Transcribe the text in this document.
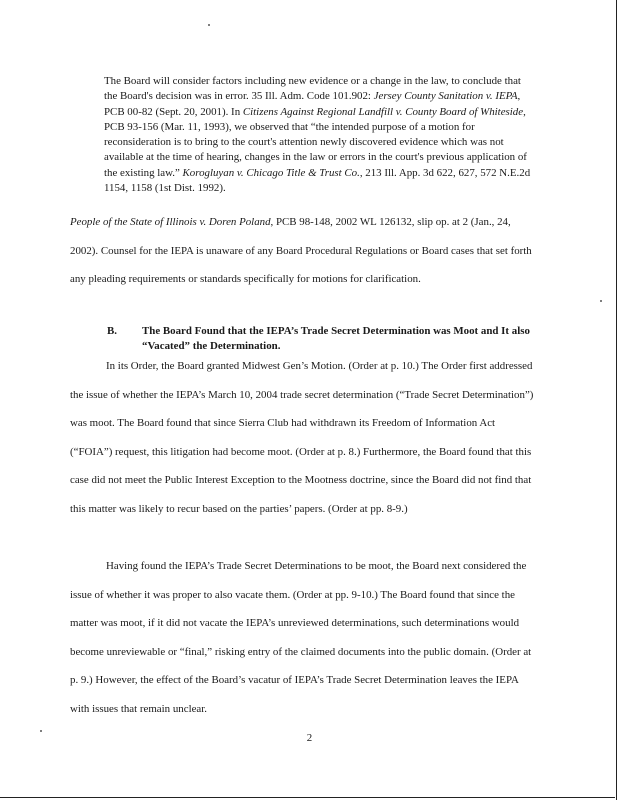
The Board will consider factors including new evidence or a change in the law, to conclude that the Board's decision was in error. 35 Ill. Adm. Code 101.902: Jersey County Sanitation v. IEPA, PCB 00-82 (Sept. 20, 2001). In Citizens Against Regional Landfill v. County Board of Whiteside, PCB 93-156 (Mar. 11, 1993), we observed that “the intended purpose of a motion for reconsideration is to bring to the court's attention newly discovered evidence which was not available at the time of hearing, changes in the law or errors in the court's previous application of the existing law.” Korogluyan v. Chicago Title & Trust Co., 213 Ill. App. 3d 622, 627, 572 N.E.2d 1154, 1158 (1st Dist. 1992).

People of the State of Illinois v. Doren Poland, PCB 98-148, 2002 WL 126132, slip op. at 2 (Jan., 24, 2002). Counsel for the IEPA is unaware of any Board Procedural Regulations or Board cases that set forth any pleading requirements or standards specifically for motions for clarification.

B. The Board Found that the IEPA’s Trade Secret Determination was Moot and It also “Vacated” the Determination.

In its Order, the Board granted Midwest Gen’s Motion. (Order at p. 10.) The Order first addressed the issue of whether the IEPA’s March 10, 2004 trade secret determination (“Trade Secret Determination”) was moot. The Board found that since Sierra Club had withdrawn its Freedom of Information Act (“FOIA”) request, this litigation had become moot. (Order at p. 8.) Furthermore, the Board found that this case did not meet the Public Interest Exception to the Mootness doctrine, since the Board did not find that this matter was likely to recur based on the parties’ papers. (Order at pp. 8-9.)

Having found the IEPA’s Trade Secret Determinations to be moot, the Board next considered the issue of whether it was proper to also vacate them. (Order at pp. 9-10.) The Board found that since the matter was moot, if it did not vacate the IEPA’s unreviewed determinations, such determinations would become unreviewable or “final,” risking entry of the claimed documents into the public domain. (Order at p. 9.) However, the effect of the Board’s vacatur of IEPA’s Trade Secret Determination leaves the IEPA with issues that remain unclear.

2
